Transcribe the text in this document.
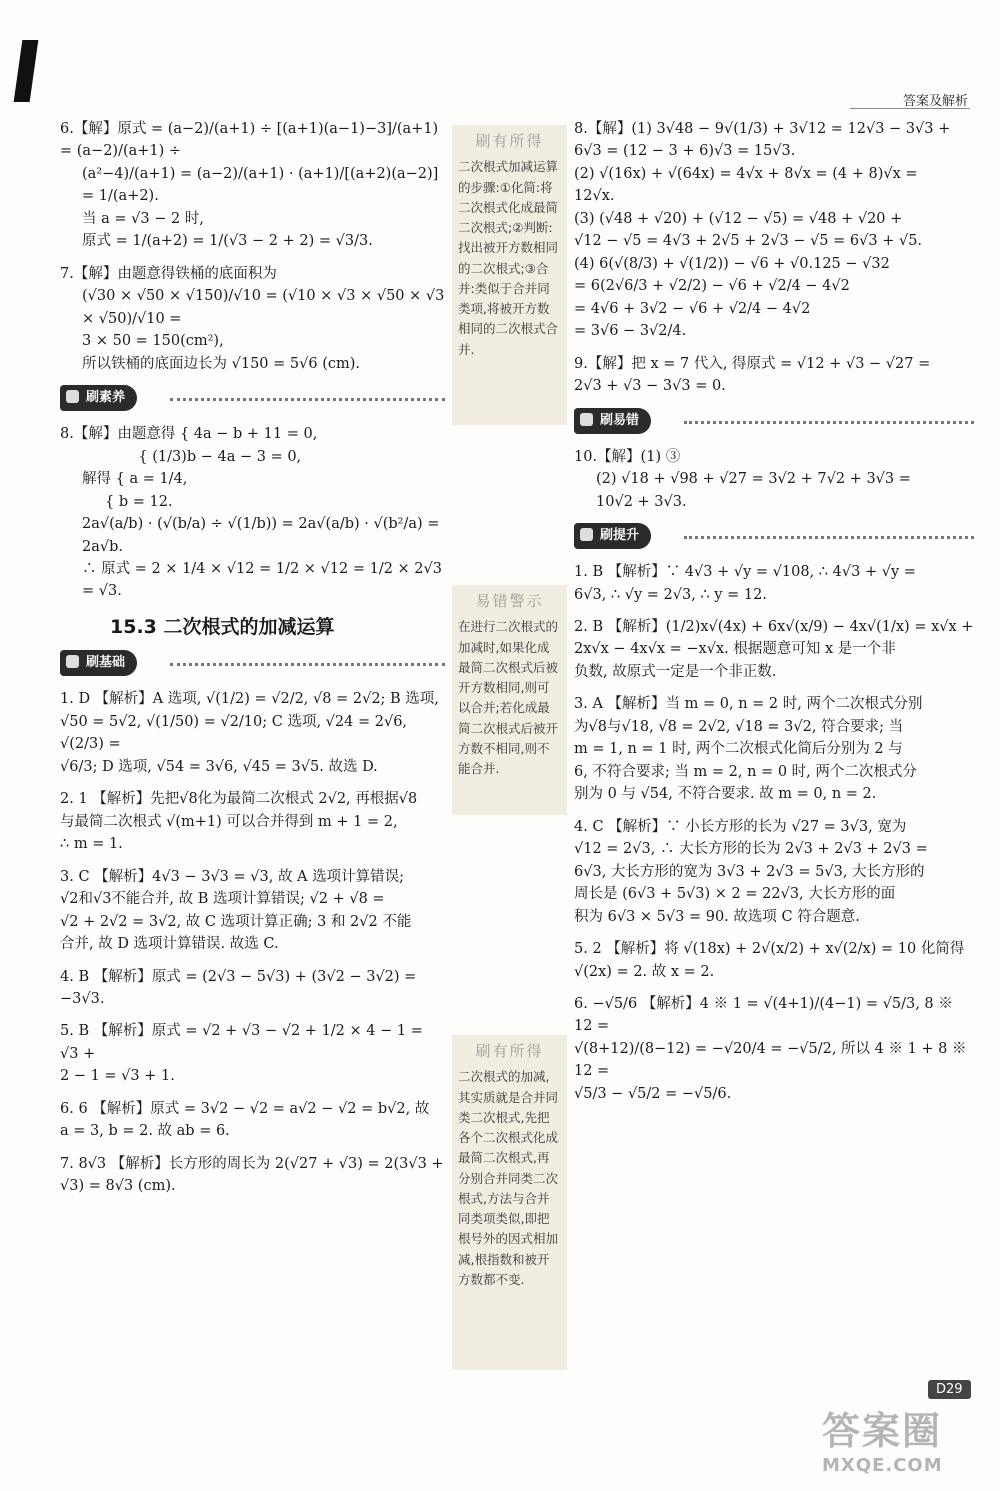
答案及解析
6.【解】原式 = (a−2)/(a+1) ÷ [(a+1)(a−1)−3]/(a+1) = (a−2)/(a+1) ÷
(a²−4)/(a+1) = (a−2)/(a+1) · (a+1)/[(a+2)(a−2)] = 1/(a+2).
当 a = √3 − 2 时,
原式 = 1/(a+2) = 1/(√3 − 2 + 2) = √3/3.
7.【解】由题意得铁桶的底面积为
(√30 × √50 × √150)/√10 = (√10 × √3 × √50 × √3 × √50)/√10 =
3 × 50 = 150(cm²),
所以铁桶的底面边长为 √150 = 5√6 (cm).
刷素养
8.【解】由题意得 { 4a − b + 11 = 0,
{ (1/3)b − 4a − 3 = 0,
解得 { a = 1/4,
{ b = 12.
2a√(a/b) · (√(b/a) ÷ √(1/b)) = 2a√(a/b) · √(b²/a) =
2a√b.
∴ 原式 = 2 × 1/4 × √12 = 1/2 × √12 = 1/2 × 2√3 = √3.
15.3 二次根式的加减运算
刷基础
1. D 【解析】A 选项, √(1/2) = √2/2, √8 = 2√2; B 选项,
√50 = 5√2, √(1/50) = √2/10; C 选项, √24 = 2√6, √(2/3) =
√6/3; D 选项, √54 = 3√6, √45 = 3√5. 故选 D.
2. 1 【解析】先把√8化为最简二次根式 2√2, 再根据√8
与最简二次根式 √(m+1) 可以合并得到 m + 1 = 2,
∴ m = 1.
3. C 【解析】4√3 − 3√3 = √3, 故 A 选项计算错误;
√2和√3不能合并, 故 B 选项计算错误; √2 + √8 =
√2 + 2√2 = 3√2, 故 C 选项计算正确; 3 和 2√2 不能
合并, 故 D 选项计算错误. 故选 C.
4. B 【解析】原式 = (2√3 − 5√3) + (3√2 − 3√2) =
−3√3.
5. B 【解析】原式 = √2 + √3 − √2 + 1/2 × 4 − 1 = √3 +
2 − 1 = √3 + 1.
6. 6 【解析】原式 = 3√2 − √2 = a√2 − √2 = b√2, 故
a = 3, b = 2. 故 ab = 6.
7. 8√3 【解析】长方形的周长为 2(√27 + √3) = 2(3√3 +
√3) = 8√3 (cm).
刷有所得
二次根式加减运算的步骤:①化简:将二次根式化成最简二次根式;②判断:找出被开方数相同的二次根式;③合并:类似于合并同类项,将被开方数相同的二次根式合并.
易错警示
在进行二次根式的加减时,如果化成最简二次根式后被开方数相同,则可以合并;若化成最简二次根式后被开方数不相同,则不能合并.
刷有所得
二次根式的加减,其实质就是合并同类二次根式,先把各个二次根式化成最简二次根式,再分别合并同类二次根式,方法与合并同类项类似,即把根号外的因式相加减,根指数和被开方数都不变.
8.【解】(1) 3√48 − 9√(1/3) + 3√12 = 12√3 − 3√3 +
6√3 = (12 − 3 + 6)√3 = 15√3.
(2) √(16x) + √(64x) = 4√x + 8√x = (4 + 8)√x =
12√x.
(3) (√48 + √20) + (√12 − √5) = √48 + √20 +
√12 − √5 = 4√3 + 2√5 + 2√3 − √5 = 6√3 + √5.
(4) 6(√(8/3) + √(1/2)) − √6 + √0.125 − √32
= 6(2√6/3 + √2/2) − √6 + √2/4 − 4√2
= 4√6 + 3√2 − √6 + √2/4 − 4√2
= 3√6 − 3√2/4.
9.【解】把 x = 7 代入, 得原式 = √12 + √3 − √27 =
2√3 + √3 − 3√3 = 0.
刷易错
10.【解】(1) ③
(2) √18 + √98 + √27 = 3√2 + 7√2 + 3√3 =
10√2 + 3√3.
刷提升
1. B 【解析】∵ 4√3 + √y = √108, ∴ 4√3 + √y =
6√3, ∴ √y = 2√3, ∴ y = 12.
2. B 【解析】(1/2)x√(4x) + 6x√(x/9) − 4x√(1/x) = x√x +
2x√x − 4x√x = −x√x. 根据题意可知 x 是一个非
负数, 故原式一定是一个非正数.
3. A 【解析】当 m = 0, n = 2 时, 两个二次根式分别
为√8与√18, √8 = 2√2, √18 = 3√2, 符合要求; 当
m = 1, n = 1 时, 两个二次根式化简后分别为 2 与
6, 不符合要求; 当 m = 2, n = 0 时, 两个二次根式分
别为 0 与 √54, 不符合要求. 故 m = 0, n = 2.
4. C 【解析】∵ 小长方形的长为 √27 = 3√3, 宽为
√12 = 2√3, ∴ 大长方形的长为 2√3 + 2√3 + 2√3 =
6√3, 大长方形的宽为 3√3 + 2√3 = 5√3, 大长方形的
周长是 (6√3 + 5√3) × 2 = 22√3, 大长方形的面
积为 6√3 × 5√3 = 90. 故选项 C 符合题意.
5. 2 【解析】将 √(18x) + 2√(x/2) + x√(2/x) = 10 化简得
√(2x) = 2. 故 x = 2.
6. −√5/6 【解析】4 ※ 1 = √(4+1)/(4−1) = √5/3, 8 ※ 12 =
√(8+12)/(8−12) = −√20/4 = −√5/2, 所以 4 ※ 1 + 8 ※ 12 =
√5/3 − √5/2 = −√5/6.
D29
答案圈
MXQE.COM
